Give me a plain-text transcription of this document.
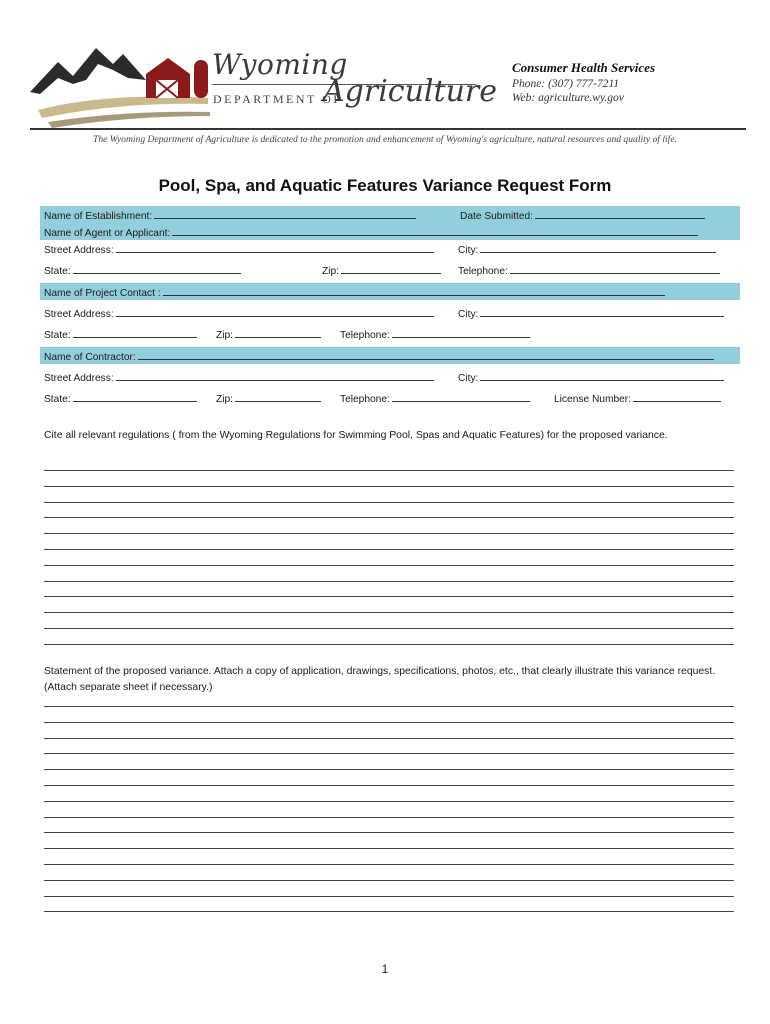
Wyoming
DEPARTMENT OF
Agriculture
Consumer Health Services
Phone: (307) 777-7211
Web: agriculture.wy.gov
The Wyoming Department of Agriculture is dedicated to the promotion and enhancement of Wyoming's agriculture, natural resources and quality of life.
Pool, Spa, and Aquatic Features Variance Request Form
Name of Establishment:	Date Submitted:
Name of Agent or Applicant:
Street Address:	City:
State:	Zip:	Telephone:
Name of Project Contact :
Street Address:	City:
State:	Zip:	Telephone:
Name of Contractor:
Street Address:	City:
State:	Zip:	Telephone:	License Number:
Cite all relevant regulations ( from the Wyoming Regulations for Swimming Pool, Spas and Aquatic Features) for the proposed variance.
Statement of the proposed variance. Attach a copy of application, drawings, specifications, photos, etc., that clearly illustrate this variance request. (Attach separate sheet if necessary.)
1
